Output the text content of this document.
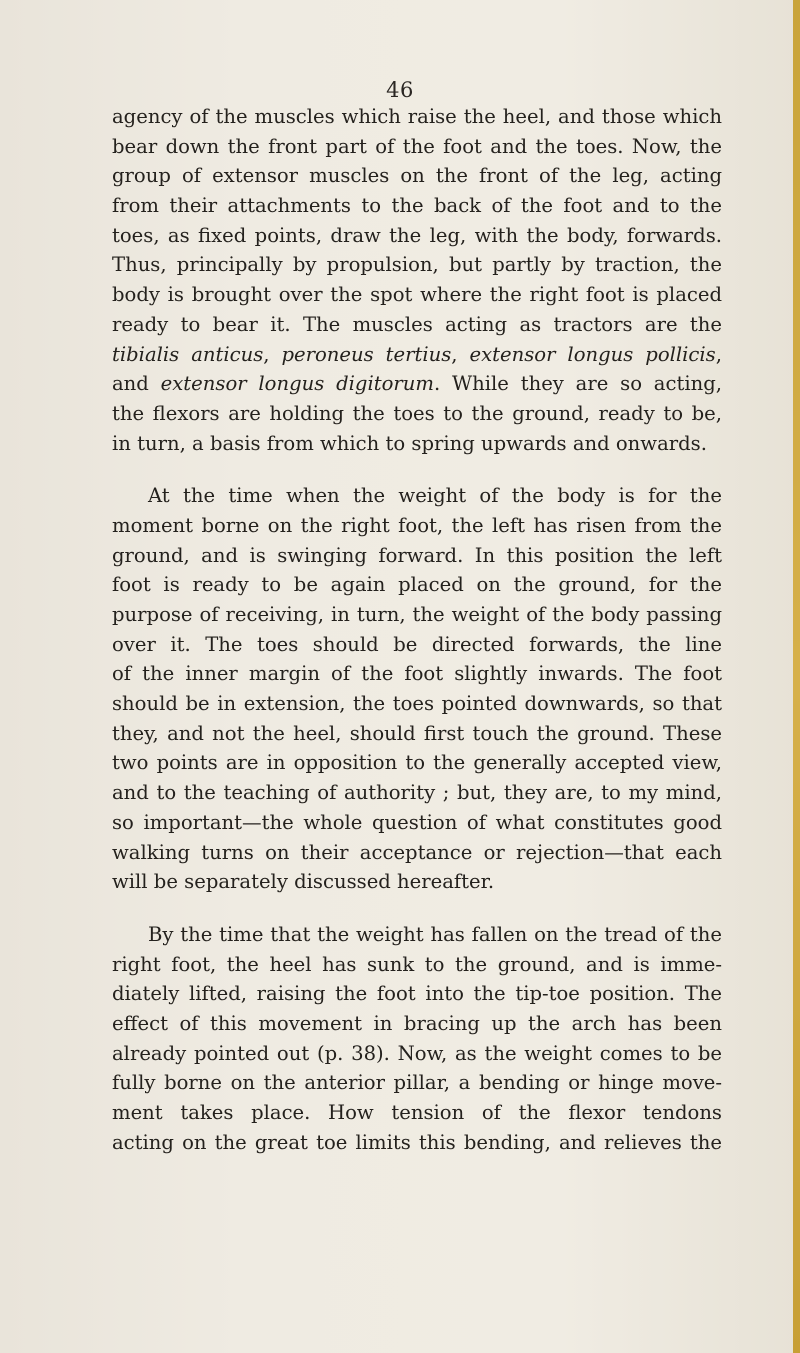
46
agency of the muscles which raise the heel, and those which
bear down the front part of the foot and the toes. Now, the
group of extensor muscles on the front of the leg, acting
from their attachments to the back of the foot and to the
toes, as fixed points, draw the leg, with the body, forwards.
Thus, principally by propulsion, but partly by traction, the
body is brought over the spot where the right foot is placed
ready to bear it. The muscles acting as tractors are the
tibialis anticus, peroneus tertius, extensor longus pollicis,
and extensor longus digitorum. While they are so acting,
the flexors are holding the toes to the ground, ready to be,
in turn, a basis from which to spring upwards and onwards.
At the time when the weight of the body is for the
moment borne on the right foot, the left has risen from the
ground, and is swinging forward. In this position the left
foot is ready to be again placed on the ground, for the
purpose of receiving, in turn, the weight of the body passing
over it. The toes should be directed forwards, the line
of the inner margin of the foot slightly inwards. The foot
should be in extension, the toes pointed downwards, so that
they, and not the heel, should first touch the ground. These
two points are in opposition to the generally accepted view,
and to the teaching of authority ; but, they are, to my mind,
so important—the whole question of what constitutes good
walking turns on their acceptance or rejection—that each
will be separately discussed hereafter.
By the time that the weight has fallen on the tread of the
right foot, the heel has sunk to the ground, and is imme-
diately lifted, raising the foot into the tip-toe position. The
effect of this movement in bracing up the arch has been
already pointed out (p. 38). Now, as the weight comes to be
fully borne on the anterior pillar, a bending or hinge move-
ment takes place. How tension of the flexor tendons
acting on the great toe limits this bending, and relieves the
